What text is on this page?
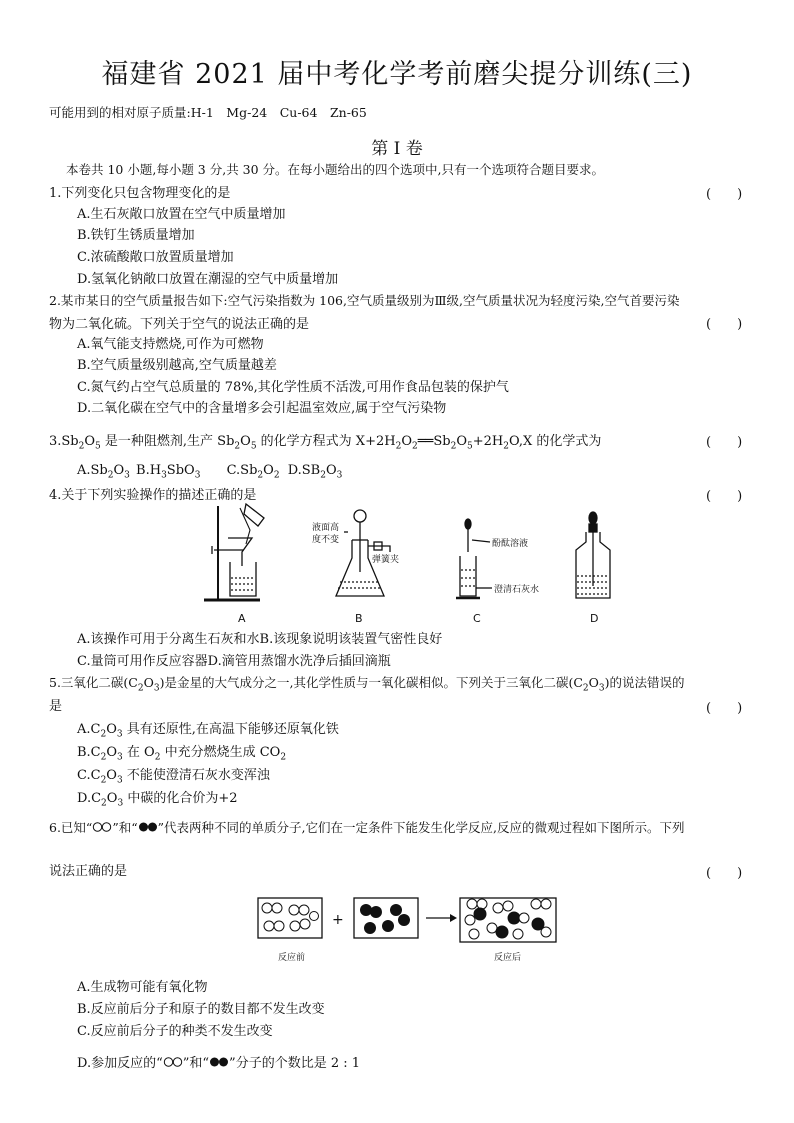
福建省 2021 届中考化学考前磨尖提分训练(三)
可能用到的相对原子质量:H-1　Mg-24　Cu-64　Zn-65
第 I 卷
本卷共 10 小题,每小题 3 分,共 30 分。在每小题给出的四个选项中,只有一个选项符合题目要求。
1.下列变化只包含物理变化的是	(　　)
A.生石灰敞口放置在空气中质量增加
B.铁钉生锈质量增加
C.浓硫酸敞口放置质量增加
D.氢氧化钠敞口放置在潮湿的空气中质量增加
2.某市某日的空气质量报告如下:空气污染指数为 106,空气质量级别为Ⅲ级,空气质量状况为轻度污染,空气首要污染
物为二氧化硫。下列关于空气的说法正确的是	(　　)
A.氧气能支持燃烧,可作为可燃物
B.空气质量级别越高,空气质量越差
C.氮气约占空气总质量的 78%,其化学性质不活泼,可用作食品包装的保护气
D.二氧化碳在空气中的含量增多会引起温室效应,属于空气污染物
$3.Sb_2O_5$ 是一种阻燃剂,生产 $Sb_2O_5$ 的化学方程式为 $X+2H_2O_2══Sb_2O_5+2H_2O,X$ 的化学式为	(　　)
$A.Sb_2O_3$ $B.H_3SbO_3$ $C.Sb_2O_2$ $D.SB_2O_3$
4.关于下列实验操作的描述正确的是	(　　)
液面高
度不变
弹簧夹
酚酞溶液
澄清石灰水
A	B	C	D
A.该操作可用于分离生石灰和水B.该现象说明该装置气密性良好
C.量筒可用作反应容器D.滴管用蒸馏水洗净后插回滴瓶
5.三氧化二碳$(C_2O_3)$是金星的大气成分之一,其化学性质与一氧化碳相似。下列关于三氧化二碳$(C_2O_3)$的说法错误的
是	(　　)
$A.C_2O_3$ 具有还原性,在高温下能够还原氧化铁
$B.C_2O_3$ 在 $O_2$ 中充分燃烧生成 $CO_2$
$C.C_2O_3$ 不能使澄清石灰水变浑浊
$D.C_2O_3$ 中碳的化合价为+2
6.已知“ ”和“ ”代表两种不同的单质分子,它们在一定条件下能发生化学反应,反应的微观过程如下图所示。下列
说法正确的是	(　　)
+
反应前	反应后
A.生成物可能有氧化物
B.反应前后分子和原子的数目都不发生改变
C.反应前后分子的种类不发生改变
D.参加反应的“ ”和“ ”分子的个数比是 2 : 1
